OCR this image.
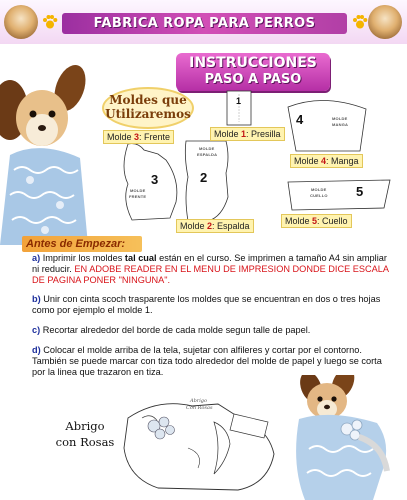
FABRICA ROPA PARA PERROS
INSTRUCCIONES
PASO A PASO
Moldes que
Utilizaremos
1
MOLDE
ESPALDA
2
MOLDE
FRENTE
3
MOLDE
MANGA
4
MOLDE
CUELLO 5
Molde 1: Presilla
Molde 3: Frente
Molde 4: Manga
Molde 2: Espalda	Molde 5: Cuello
Antes de Empezar:
a) Imprimir los moldes tal cual están en el curso. Se imprimen a tamaño A4 sin ampliar ni reducir. EN ADOBE READER EN EL MENU DE IMPRESION DONDE DICE ESCALA DE PAGINA PONER "NINGUNA".
b) Unir con cinta scoch trasparente los moldes que se encuentran en dos o tres hojas como por ejemplo el molde 1.
c) Recortar alrededor del borde de cada molde segun talle de papel.
d) Colocar el molde arriba de la tela, sujetar con alfileres y cortar por el contorno. También se puede marcar con tiza todo alrededor del molde de papel y luego se corta por la linea que trazaron en tiza.
Abrigo
con Rosas
Abrigo
Con Rosas
